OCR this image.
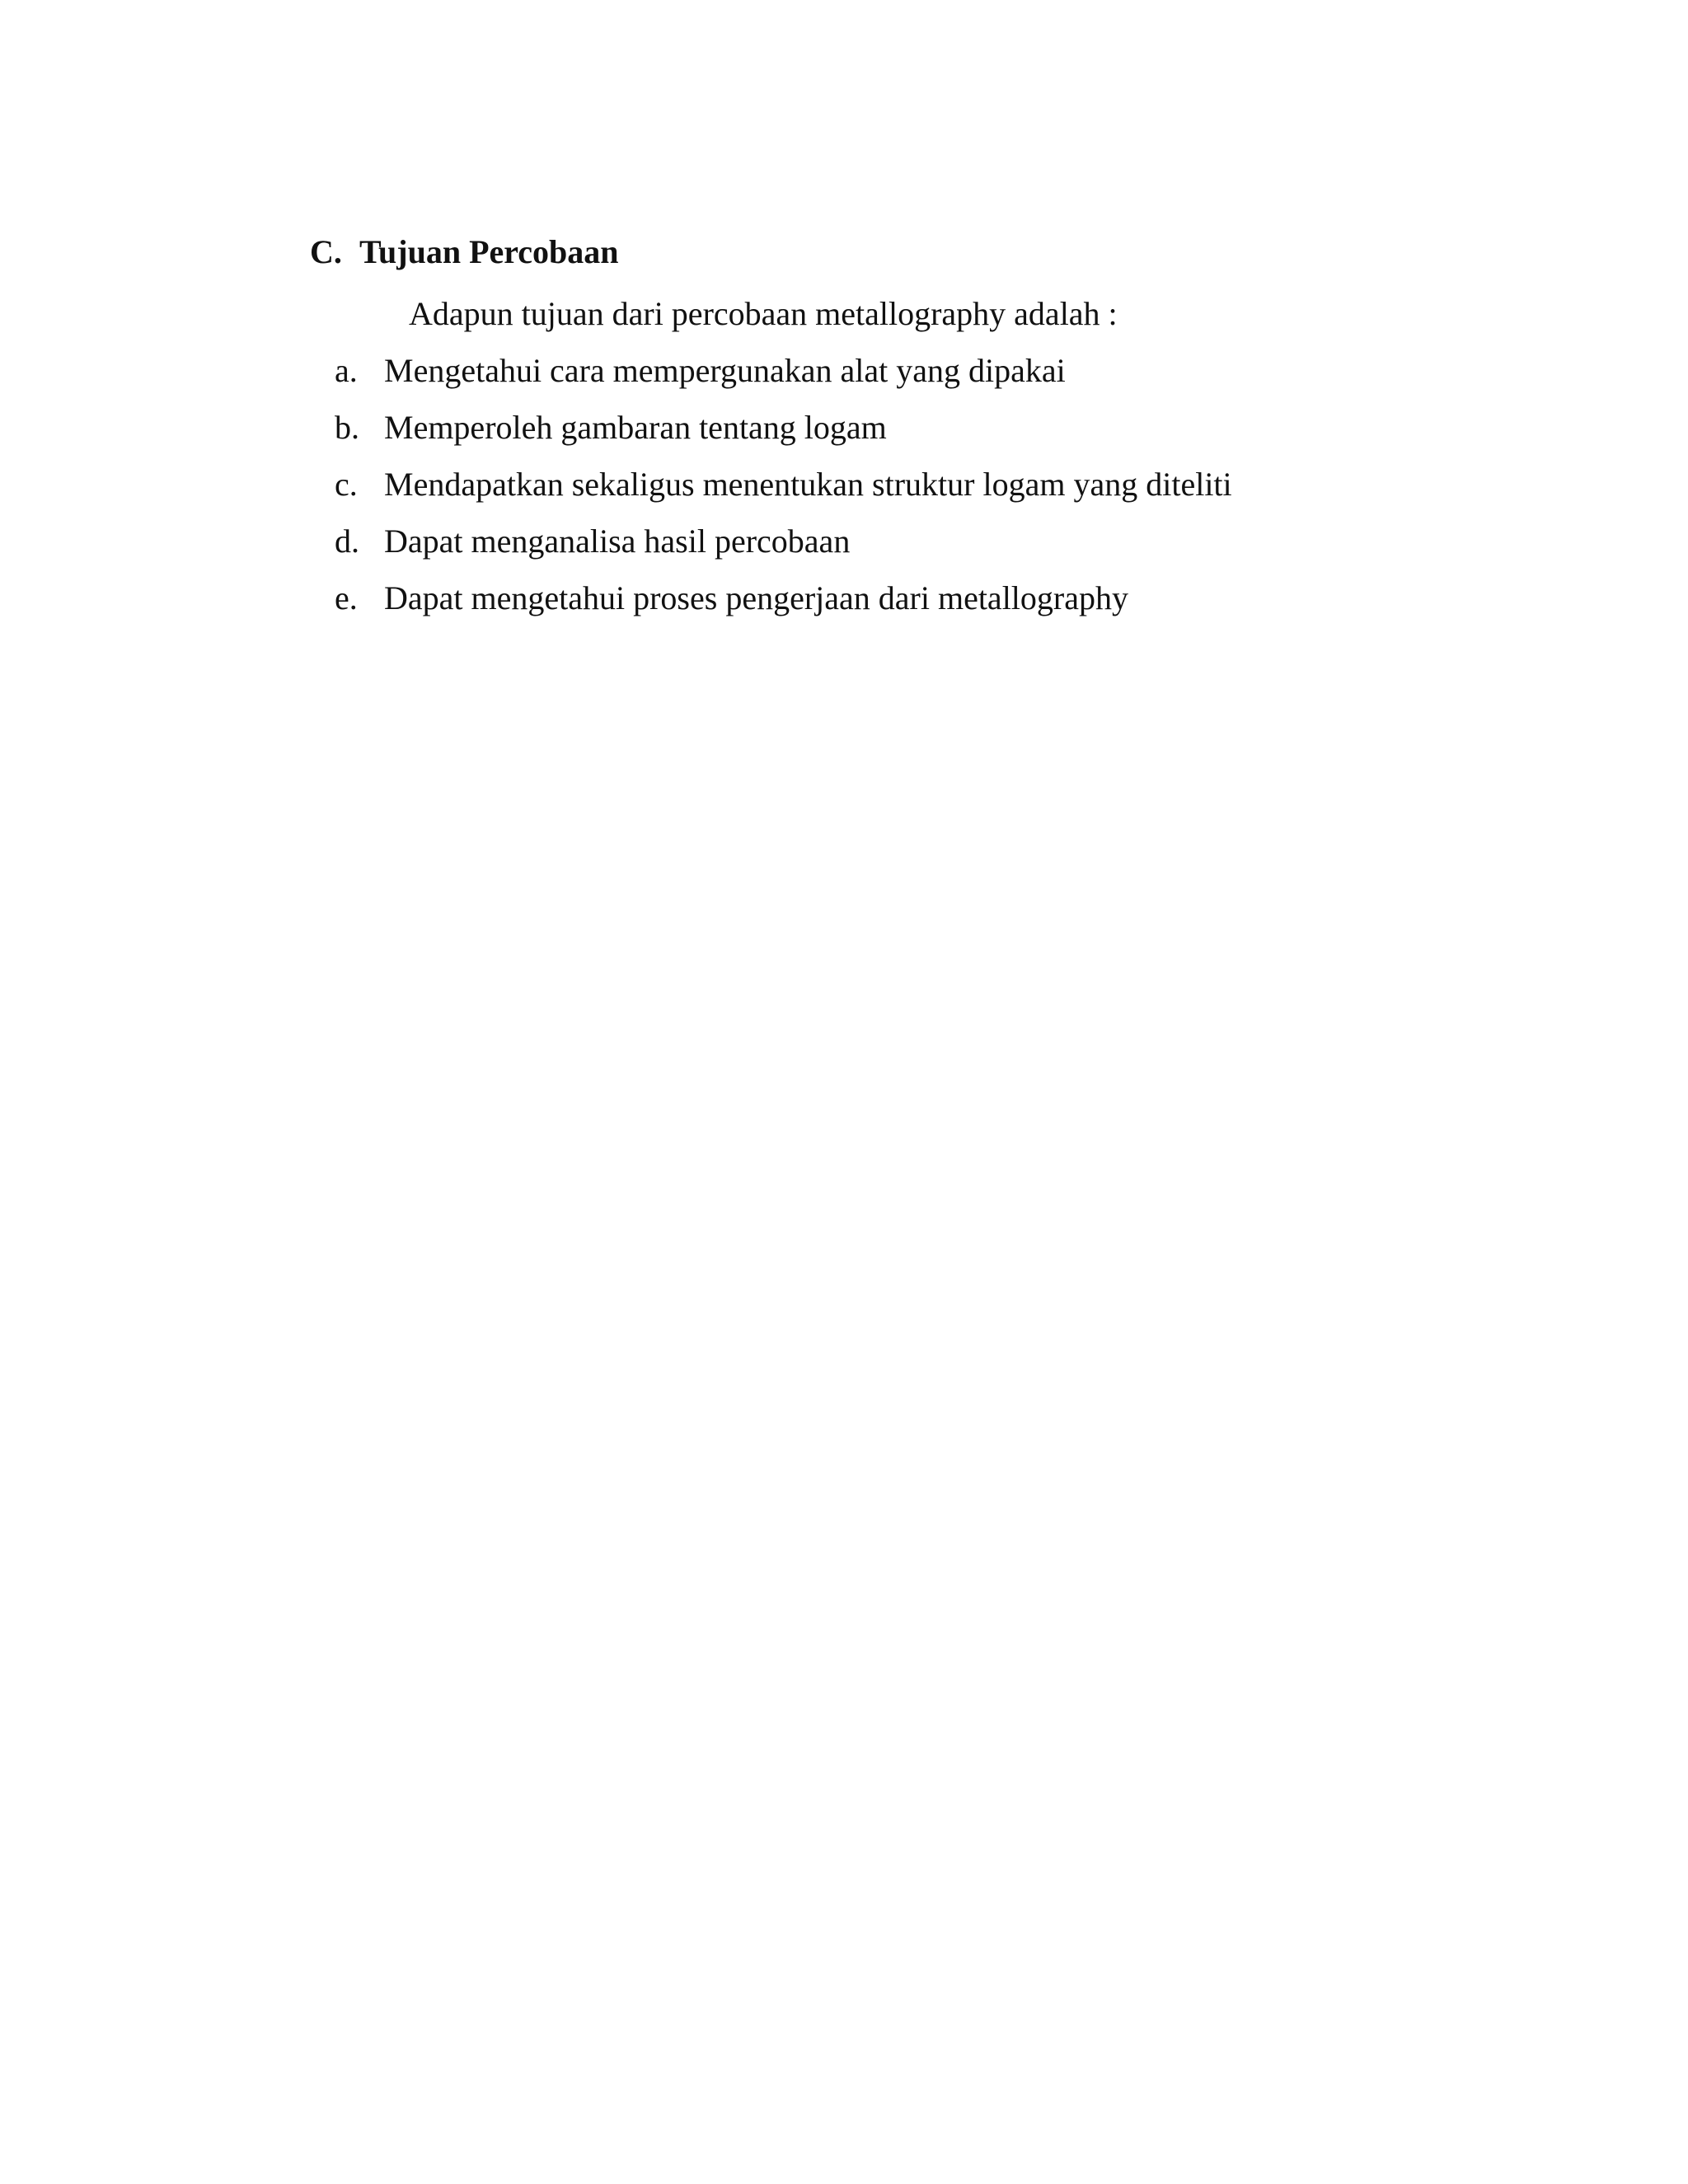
C. Tujuan Percobaan

Adapun tujuan dari percobaan metallography adalah :

a. Mengetahui cara mempergunakan alat yang dipakai
b. Memperoleh gambaran tentang logam
c. Mendapatkan sekaligus menentukan struktur logam yang diteliti
d. Dapat menganalisa hasil percobaan
e. Dapat mengetahui proses pengerjaan dari metallography
